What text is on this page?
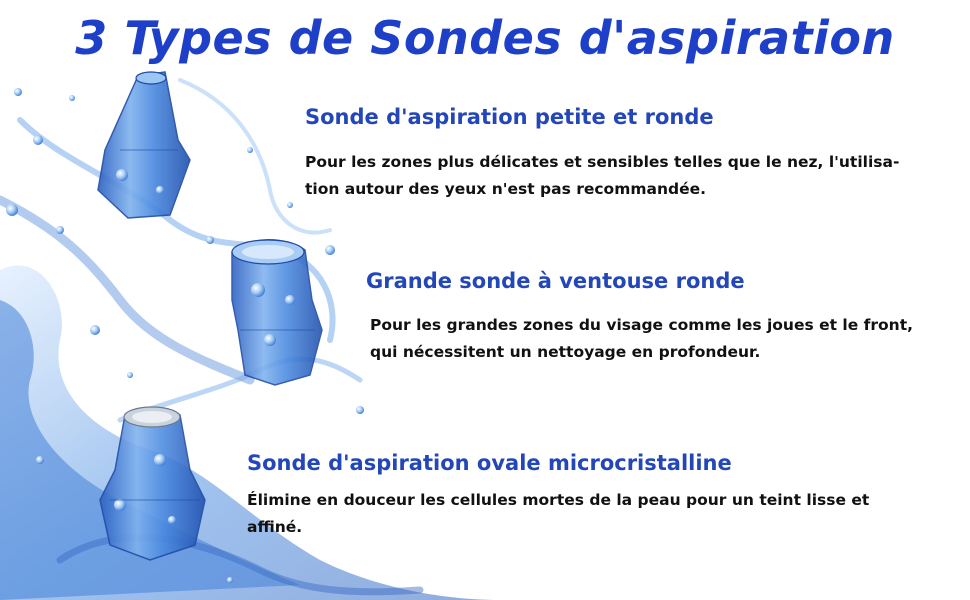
3 Types de Sondes d'aspiration
Sonde d'aspiration petite et ronde

Pour les zones plus délicates et sensibles telles que le nez, l'utilisa-tion autour des yeux n'est pas recommandée.

Grande sonde à ventouse ronde

Pour les grandes zones du visage comme les joues et le front, qui nécessitent un nettoyage en profondeur.

Sonde d'aspiration ovale microcristalline

Élimine en douceur les cellules mortes de la peau pour un teint lisse et affiné.
